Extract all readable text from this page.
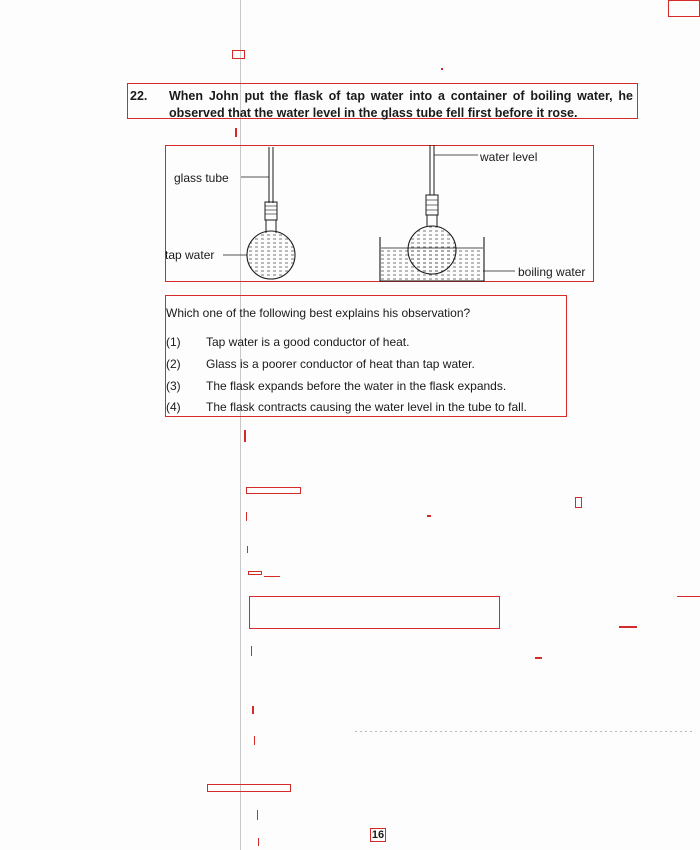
22. When John put the flask of tap water into a container of boiling water, he observed that the water level in the glass tube fell first before it rose.
glass tube
tap water
water level
boiling water
Which one of the following best explains his observation?
(1) Tap water is a good conductor of heat.
(2) Glass is a poorer conductor of heat than tap water.
(3) The flask expands before the water in the flask expands.
(4) The flask contracts causing the water level in the tube to fall.
16
